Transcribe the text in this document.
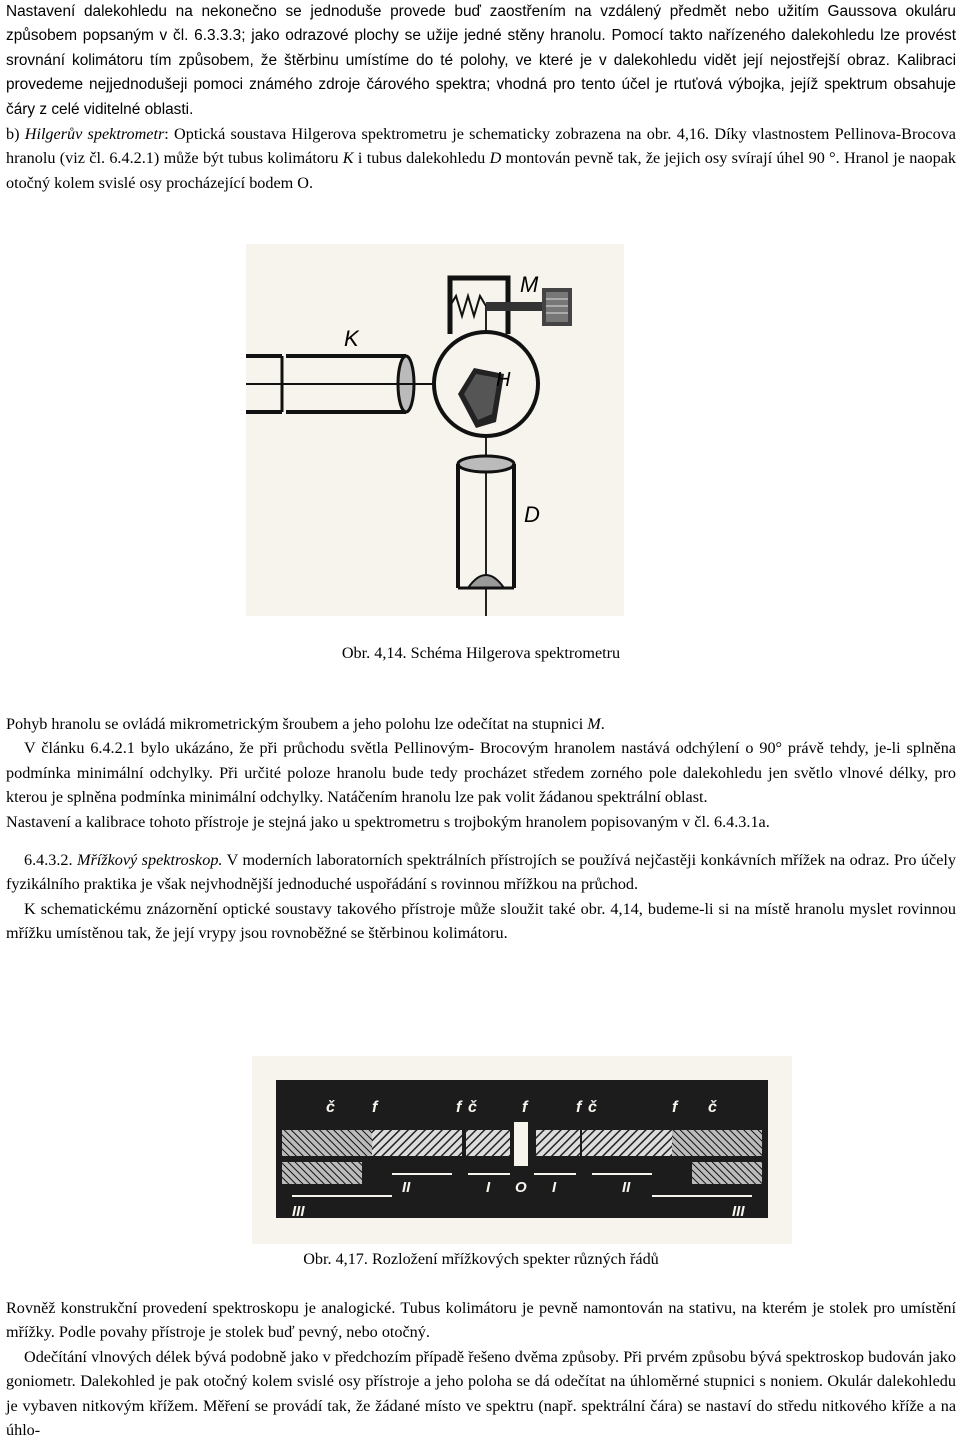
Nastavení dalekohledu na nekonečno se jednoduše provede buď zaostřením na vzdálený předmět nebo užitím Gaussova okuláru způsobem popsaným v čl. 6.3.3.3; jako odrazové plochy se užije jedné stěny hranolu. Pomocí takto nařízeného dalekohledu lze provést srovnání kolimátoru tím způsobem, že štěrbinu umístíme do té polohy, ve které je v dalekohledu vidět její nejostřejší obraz. Kalibraci provedeme nejjednodušeji pomoci známého zdroje čárového spektra; vhodná pro tento účel je rtuťová výbojka, jejíž spektrum obsahuje čáry z celé viditelné oblasti.

b) Hilgerův spektrometr: Optická soustava Hilgerova spektrometru je schematicky zobrazena na obr. 4,16. Díky vlastnostem Pellinova-Brocova hranolu (viz čl. 6.4.2.1) může být tubus kolimátoru K i tubus dalekohledu D montován pevně tak, že jejich osy svírají úhel 90 °. Hranol je naopak otočný kolem svislé osy procházející bodem O.

M
H
K
D
Obr. 4,14. Schéma Hilgerova spektrometru

Pohyb hranolu se ovládá mikrometrickým šroubem a jeho polohu lze odečítat na stupnici M.

V článku 6.4.2.1 bylo ukázáno, že při průchodu světla Pellinovým- Brocovým hranolem nastává odchýlení o 90° právě tehdy, je-li splněna podmínka minimální odchylky. Při určité poloze hranolu bude tedy procházet středem zorného pole dalekohledu jen světlo vlnové délky, pro kterou je splněna podmínka minimální odchylky. Natáčením hranolu lze pak volit žádanou spektrální oblast.

Nastavení a kalibrace tohoto přístroje je stejná jako u spektrometru s trojbokým hranolem popisovaným v čl. 6.4.3.1a.

6.4.3.2. Mřížkový spektroskop. V moderních laboratorních spektrálních přístrojích se používá nejčastěji konkávních mřížek na odraz. Pro účely fyzikálního praktika je však nejvhodnější jednoduché uspořádání s rovinnou mřížkou na průchod.

K schematickému znázornění optické soustavy takového přístroje může sloužit také obr. 4,14, budeme-li si na místě hranolu myslet rovinnou mřížku umístěnou tak, že její vrypy jsou rovnoběžné se štěrbinou kolimátoru.

č f	f č	f	f č	f č
III
II	I O I	II
III
Obr. 4,17. Rozložení mřížkových spekter různých řádů

Rovněž konstrukční provedení spektroskopu je analogické. Tubus kolimátoru je pevně namontován na stativu, na kterém je stolek pro umístění mřížky. Podle povahy přístroje je stolek buď pevný, nebo otočný.

Odečítání vlnových délek bývá podobně jako v předchozím případě řešeno dvěma způsoby. Při prvém způsobu bývá spektroskop budován jako goniometr. Dalekohled je pak otočný kolem svislé osy přístroje a jeho poloha se dá odečítat na úhloměrné stupnici s noniem. Okulár dalekohledu je vybaven nitkovým křížem. Měření se provádí tak, že žádané místo ve spektru (např. spektrální čára) se nastaví do středu nitkového kříže a na úhlo-
